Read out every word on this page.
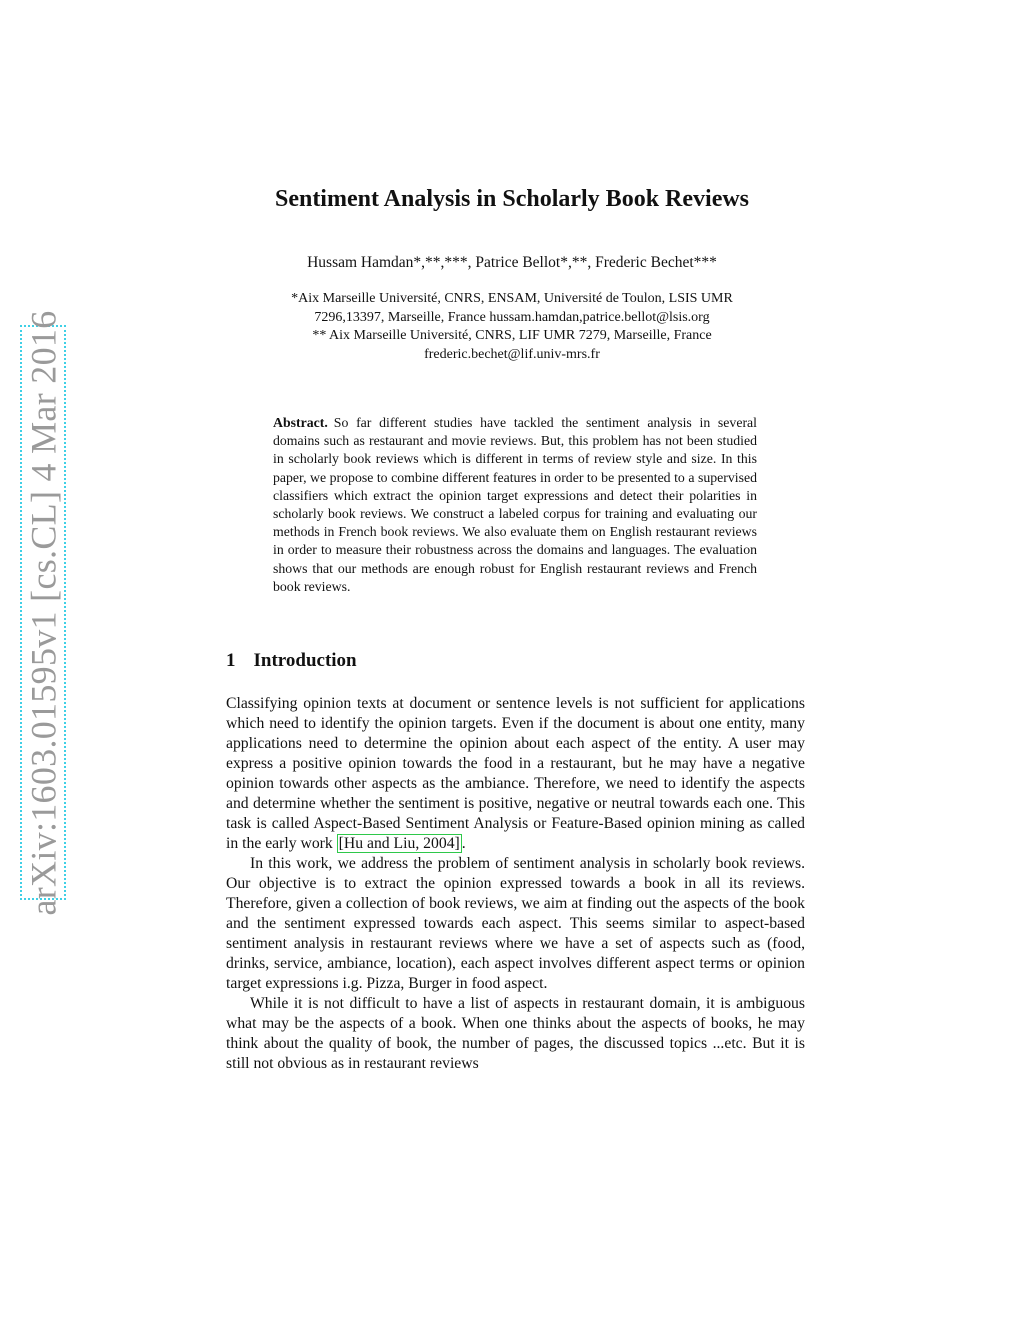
arXiv:1603.01595v1 [cs.CL] 4 Mar 2016
Sentiment Analysis in Scholarly Book Reviews
Hussam Hamdan*,**,***, Patrice Bellot*,**, Frederic Bechet***
*Aix Marseille Université, CNRS, ENSAM, Université de Toulon, LSIS UMR
7296,13397, Marseille, France hussam.hamdan,patrice.bellot@lsis.org
** Aix Marseille Université, CNRS, LIF UMR 7279, Marseille, France
frederic.bechet@lif.univ-mrs.fr
Abstract. So far different studies have tackled the sentiment analysis in several domains such as restaurant and movie reviews. But, this problem has not been studied in scholarly book reviews which is different in terms of review style and size. In this paper, we propose to combine different features in order to be presented to a supervised classifiers which extract the opinion target expressions and detect their polarities in scholarly book reviews. We construct a labeled corpus for training and evaluating our methods in French book reviews. We also evaluate them on English restaurant reviews in order to measure their robustness across the domains and languages. The evaluation shows that our methods are enough robust for English restaurant reviews and French book reviews.
1 Introduction

Classifying opinion texts at document or sentence levels is not sufficient for applications which need to identify the opinion targets. Even if the document is about one entity, many applications need to determine the opinion about each aspect of the entity. A user may express a positive opinion towards the food in a restaurant, but he may have a negative opinion towards other aspects as the ambiance. Therefore, we need to identify the aspects and determine whether the sentiment is positive, negative or neutral towards each one. This task is called Aspect-Based Sentiment Analysis or Feature-Based opinion mining as called in the early work [Hu and Liu, 2004] .

In this work, we address the problem of sentiment analysis in scholarly book reviews. Our objective is to extract the opinion expressed towards a book in all its reviews. Therefore, given a collection of book reviews, we aim at finding out the aspects of the book and the sentiment expressed towards each aspect. This seems similar to aspect-based sentiment analysis in restaurant reviews where we have a set of aspects such as (food, drinks, service, ambiance, location), each aspect involves different aspect terms or opinion target expressions i.g. Pizza, Burger in food aspect.

While it is not difficult to have a list of aspects in restaurant domain, it is ambiguous what may be the aspects of a book. When one thinks about the aspects of books, he may think about the quality of book, the number of pages, the discussed topics ...etc. But it is still not obvious as in restaurant reviews
